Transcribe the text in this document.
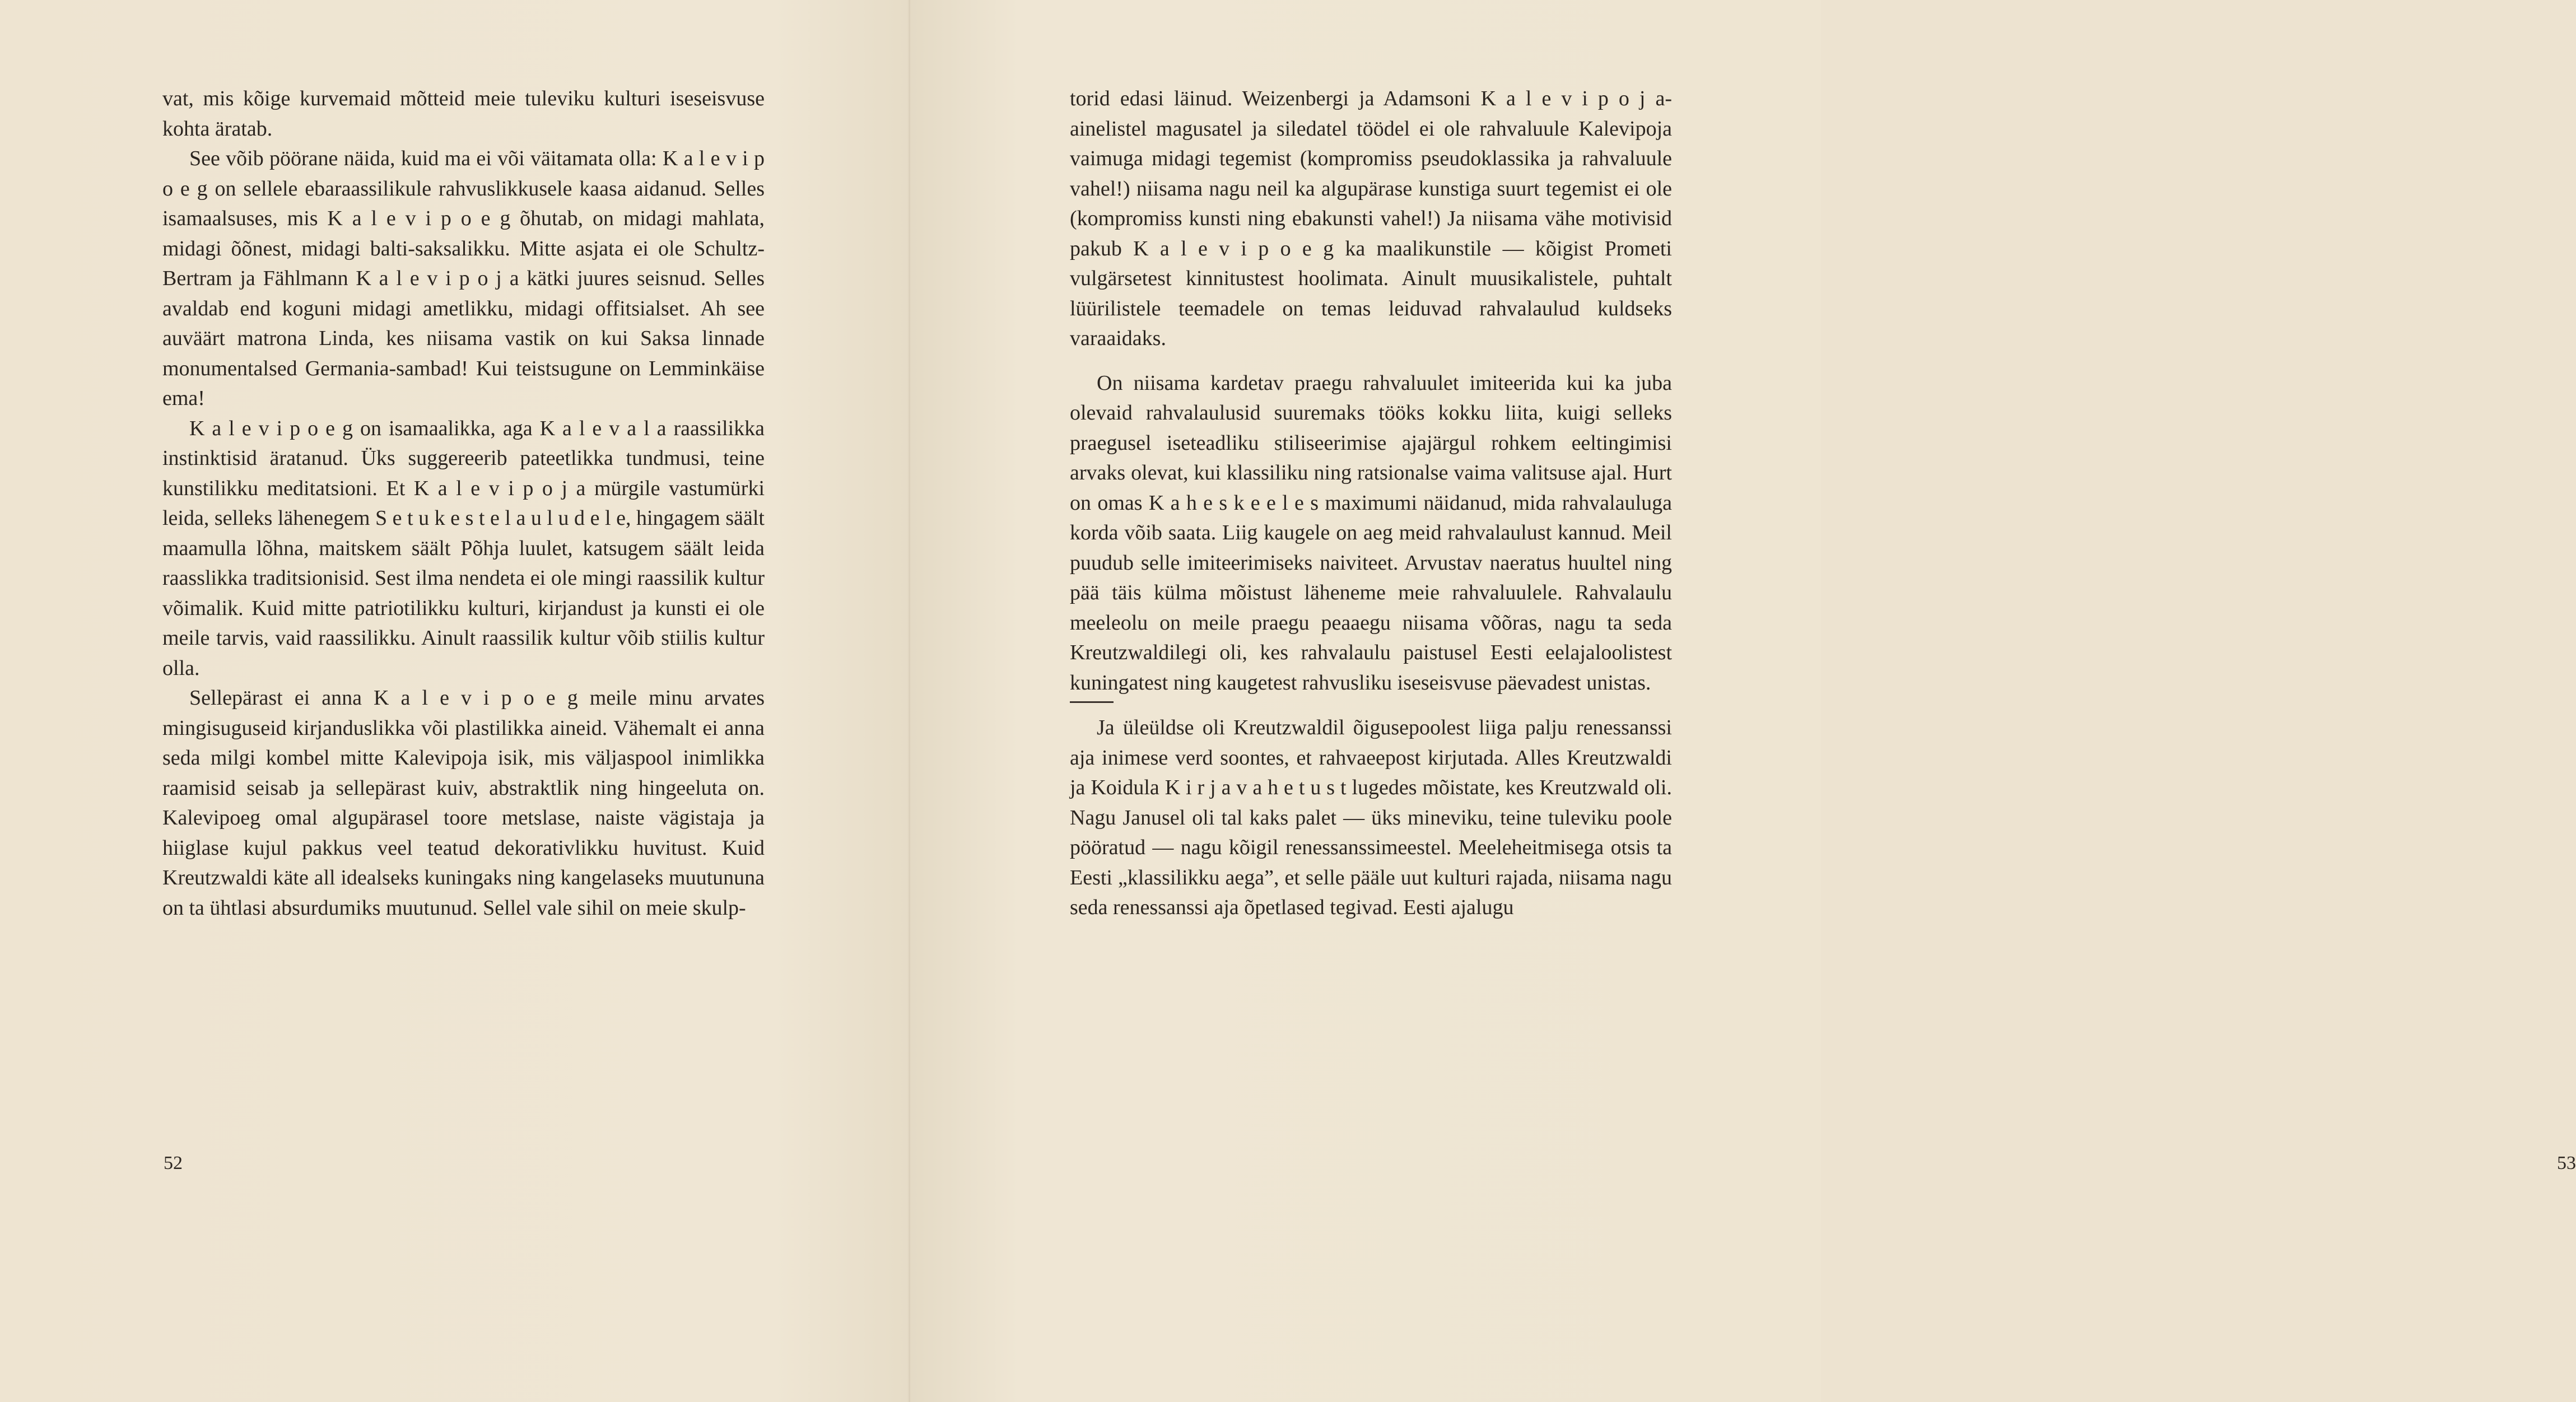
vat, mis kõige kurvemaid mõtteid meie tuleviku kulturi iseseisvuse kohta äratab.

See võib pöörane näida, kuid ma ei või väitamata olla: K a l e v i p o e g on sellele ebaraassilikule rahvuslikkusele kaasa aidanud. Selles isamaalsuses, mis K a l e v i p o e g õhutab, on midagi mahlata, midagi õõnest, midagi balti-saksalikku. Mitte asjata ei ole Schultz-Bertram ja Fählmann K a l e v i p o j a kätki juures seisnud. Selles avaldab end koguni midagi ametlikku, midagi offitsialset. Ah see auväärt matrona Linda, kes niisama vastik on kui Saksa linnade monumentalsed Germania-sambad! Kui teistsugune on Lemminkäise ema!

K a l e v i p o e g on isamaalikka, aga K a l e v a l a raassilikka instinktisid äratanud. Üks suggereerib pateetlikka tundmusi, teine kunstilikku meditatsioni. Et K a l e v i p o j a mürgile vastumürki leida, selleks lähenegem S e t u k e s t e l a u l u d e l e, hingagem säält maamulla lõhna, maitskem säält Põhja luulet, katsugem säält leida raasslikka traditsionisid. Sest ilma nendeta ei ole mingi raassilik kultur võimalik. Kuid mitte patriotilikku kulturi, kirjandust ja kunsti ei ole meile tarvis, vaid raassilikku. Ainult raassilik kultur võib stiilis kultur olla.

Sellepärast ei anna K a l e v i p o e g meile minu arvates mingisuguseid kirjanduslikka või plastilikka aineid. Vähemalt ei anna seda milgi kombel mitte Kalevipoja isik, mis väljaspool inimlikka raamisid seisab ja sellepärast kuiv, abstraktlik ning hingeeluta on. Kalevipoeg omal algupärasel toore metslase, naiste vägistaja ja hiiglase kujul pakkus veel teatud dekorativlikku huvitust. Kuid Kreutzwaldi käte all idealseks kuningaks ning kangelaseks muutununa on ta ühtlasi absurdumiks muutunud. Sellel vale sihil on meie skulp-

52

torid edasi läinud. Weizenbergi ja Adamsoni K a l e v i p o j a-ainelistel magusatel ja siledatel töödel ei ole rahvaluule Kalevipoja vaimuga midagi tegemist (kompromiss pseudoklassika ja rahvaluule vahel!) niisama nagu neil ka algupärase kunstiga suurt tegemist ei ole (kompromiss kunsti ning ebakunsti vahel!) Ja niisama vähe motivisid pakub K a l e v i p o e g ka maalikunstile — kõigist Prometi vulgärsetest kinnitustest hoolimata. Ainult muusikalistele, puhtalt lüürilistele teemadele on temas leiduvad rahvalaulud kuldseks varaaidaks.

On niisama kardetav praegu rahvaluulet imiteerida kui ka juba olevaid rahvalaulusid suuremaks tööks kokku liita, kuigi selleks praegusel iseteadliku stiliseerimise ajajärgul rohkem eeltingimisi arvaks olevat, kui klassiliku ning ratsionalse vaima valitsuse ajal. Hurt on omas K a h e s k e e l e s maximumi näidanud, mida rahvalauluga korda võib saata. Liig kaugele on aeg meid rahvalaulust kannud. Meil puudub selle imiteerimiseks naiviteet. Arvustav naeratus huultel ning pää täis külma mõistust läheneme meie rahvaluulele. Rahvalaulu meeleolu on meile praegu peaaegu niisama võõras, nagu ta seda Kreutzwaldilegi oli, kes rahvalaulu paistusel Eesti eelajaloolistest kuningatest ning kaugetest rahvusliku iseseisvuse päevadest unistas.

Ja üleüldse oli Kreutzwaldil õigusepoolest liiga palju renessanssi aja inimese verd soontes, et rahvaeepost kirjutada. Alles Kreutzwaldi ja Koidula K i r j a v a h e t u s t lugedes mõistate, kes Kreutzwald oli. Nagu Janusel oli tal kaks palet — üks mineviku, teine tuleviku poole pööratud — nagu kõigil renessanssimeestel. Meeleheitmisega otsis ta Eesti „klassilikku aega”, et selle pääle uut kulturi rajada, niisama nagu seda renessanssi aja õpetlased tegivad. Eesti ajalugu

53
